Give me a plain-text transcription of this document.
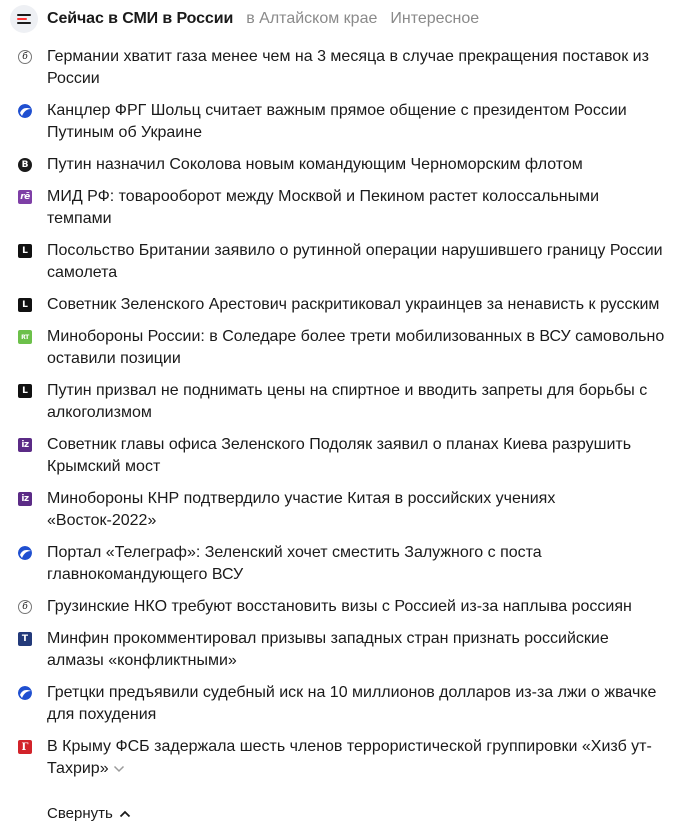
Сейчас в СМИ в России в Алтайском крае Интересное
б Германии хватит газа менее чем на 3 месяца в случае прекращения поставок из России
Канцлер ФРГ Шольц считает важным прямое общение с президентом России Путиным об Украине
B Путин назначил Соколова новым командующим Черноморским флотом
rē МИД РФ: товарооборот между Москвой и Пекином растет колоссальными темпами
L Посольство Британии заявило о рутинной операции нарушившего границу России самолета
L Советник Зеленского Арестович раскритиковал украинцев за ненависть к русским
RT Минобороны России: в Соледаре более трети мобилизованных в ВСУ самовольно оставили позиции
L Путин призвал не поднимать цены на спиртное и вводить запреты для борьбы с алкоголизмом
iz Советник главы офиса Зеленского Подоляк заявил о планах Киева разрушить Крымский мост
iz Минобороны КНР подтвердило участие Китая в российских учениях «Восток-2022»
Портал «Телеграф»: Зеленский хочет сместить Залужного с поста главнокомандующего ВСУ
б Грузинские НКО требуют восстановить визы с Россией из-за наплыва россиян
T Минфин прокомментировал призывы западных стран признать российские алмазы «конфликтными»
Гретцки предъявили судебный иск на 10 миллионов долларов из-за лжи о жвачке для похудения
Г В Крыму ФСБ задержала шесть членов террористической группировки «Хизб ут-Тахрир»
Свернуть
